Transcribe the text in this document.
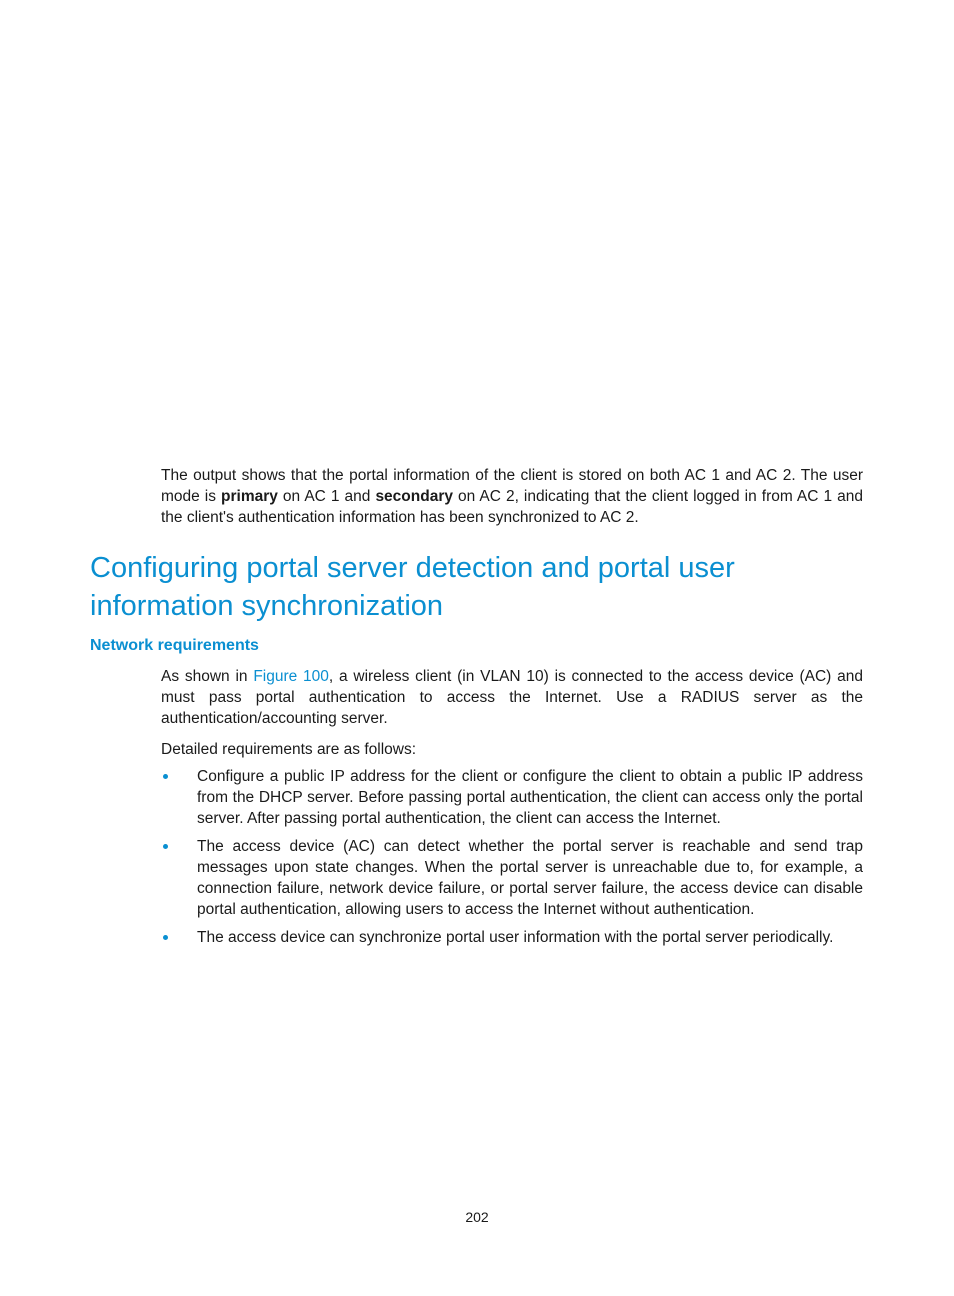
The output shows that the portal information of the client is stored on both AC 1 and AC 2. The user mode is primary on AC 1 and secondary on AC 2, indicating that the client logged in from AC 1 and the client's authentication information has been synchronized to AC 2.

Configuring portal server detection and portal user information synchronization
Network requirements

As shown in Figure 100, a wireless client (in VLAN 10) is connected to the access device (AC) and must pass portal authentication to access the Internet. Use a RADIUS server as the authentication/accounting server.

Detailed requirements are as follows:

Configure a public IP address for the client or configure the client to obtain a public IP address from the DHCP server. Before passing portal authentication, the client can access only the portal server. After passing portal authentication, the client can access the Internet.
The access device (AC) can detect whether the portal server is reachable and send trap messages upon state changes. When the portal server is unreachable due to, for example, a connection failure, network device failure, or portal server failure, the access device can disable portal authentication, allowing users to access the Internet without authentication.
The access device can synchronize portal user information with the portal server periodically.

202
